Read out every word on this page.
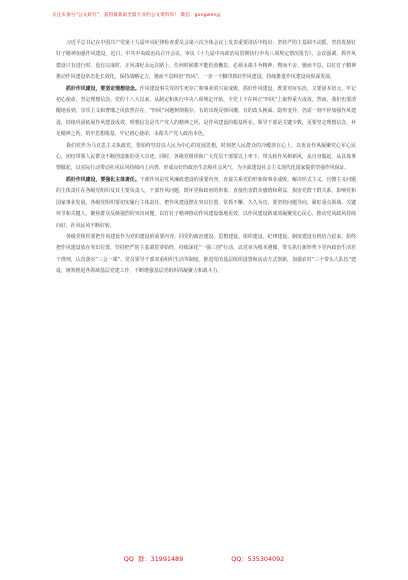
关注头条号“公文研究”，获得最新最全最专业的公文资料库！ 微信：gongwenyj

习近平总书记在中国共产党第十九届中央纪律检查委员会第六次全体会议上发表重要讲话中指出：坚持严的主基调不动摇，坚持发扬钉钉子精神加强作风建设。近日，中共中央政治局召开会议，审议《十九届中央政治局贯彻执行中央八项规定情况报告》，会议强调，抓作风建设只有进行时，没有完成时，正风肃纪永远在路上，任何时候都不能松劲懈怠，必须永葆斗争精神，锲而不舍、驰而不息，以钉钉子精神推动作风建设常态化长效化，保持战略定力，驰而不息纠治“四风”，一步一个脚印抓好作风建设，持续推进作风建设向纵深发展。

抓好作风建设，要坚定理想信念。作风建设事关党的生死存亡和事业的兴衰成败，抓好作风建设，既要对症实治，又要固本培元，牢记初心使命，坚定理想信念。党的十八大以来，从制定和执行中央八项规定开始，全党上下在纠正“四风”上取得重大成效。然而，我们也要清醒地看到，享乐主义和奢靡之风依然存在，“四风”问题树倒根存，有的出现反弹回潮，有的改头换面、隐形变异，仍需一刻不停加强作风建设，持续巩固拓展作风建设成效。理想信念是共产党人的精神之钙，是作风建设的根基所在。领导干部是关键少数，更要坚定理想信念，补足精神之钙，筑牢思想根基，牢记初心使命，永葆共产党人政治本色。

我们党作为马克思主义执政党，要始终坚持以人民为中心的发展思想，时刻把人民群众的冷暖放在心上，以优良作风凝聚党心军心民心，团结带领人民群众不断创造新的更大奇迹。同时，各级党组织和广大党员干部要以上率下，带头转作风树新风，从自身做起，从具体事情做起，以实际行动带动社风民风持续向上向善，形成良好的政治生态和社会风气，为全面建设社会主义现代化国家提供坚强作风保证。

抓好作风建设，要强化主体责任。干部作风是党风廉政建设的重要内容，直接关系党的形象和事业成败。解决形式主义、官僚主义问题的主体责任在各级党组织及其主要负责人。干部作风问题，既坏党和政府的形象，直接伤害群众感情和利益，损害党群干群关系，影响党和国家事业发展。各级党组织要切实履行主体责任，把作风建设摆在突出位置，常抓不懈、久久为功。要坚持问题导向，紧盯重点领域、关键环节和关键人，聚焦群众反映强烈的突出问题，以钉钉子精神推动作风建设落地见效，以作风建设新成效凝聚党心民心，推动党风政风持续向好、社风民风不断好转。

各级党组织要把作风建设作为党的建设的重要内容，同党的政治建设、思想建设、组织建设、纪律建设、制度建设有机结合起来。始终把作风建设放在突出位置，坚持把严的主基调贯穿始终，持续深化“一强三创”行动，以党章为根本遵循，带头执行新形势下党内政治生活若干准则，认真落实“三会一课”、党员领导干部双重组织生活等制度。推进党的基层组织设置和活动方式创新，加强农村“三个带头人队伍”建设，统筹推进各领域基层党建工作，不断增强基层党组织的凝聚力和战斗力。

QQ 群：31991489	QQ：535304092
